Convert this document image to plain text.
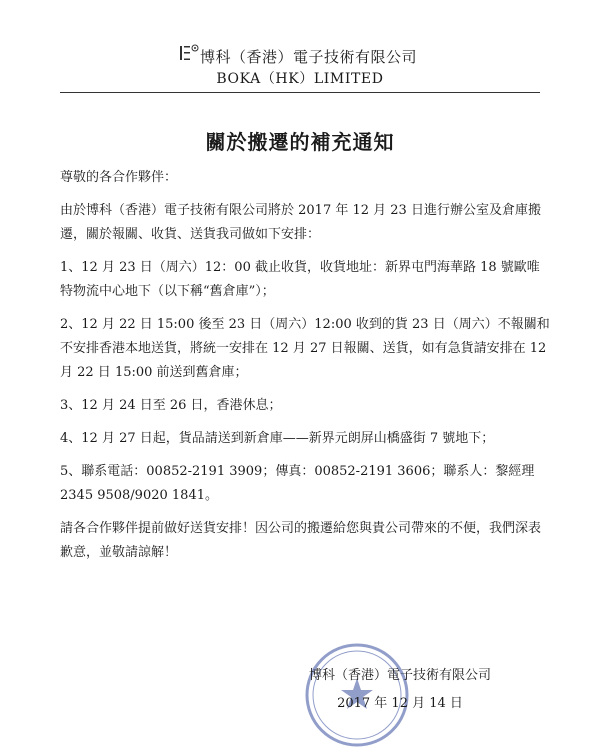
博科（香港）電子技術有限公司
BOKA（HK）LIMITED
關於搬遷的補充通知

尊敬的各合作夥伴：

由於博科（香港）電子技術有限公司將於 2017 年 12 月 23 日進行辦公室及倉庫搬遷，關於報關、收貨、送貨我司做如下安排：

1、12 月 23 日（周六）12：00 截止收貨，收貨地址：新界屯門海華路 18 號歐唯特物流中心地下（以下稱“舊倉庫”）；

2、12 月 22 日 15:00 後至 23 日（周六）12:00 收到的貨 23 日（周六）不報關和不安排香港本地送貨，將統一安排在 12 月 27 日報關、送貨，如有急貨請安排在 12 月 22 日 15:00 前送到舊倉庫；

3、12 月 24 日至 26 日，香港休息；

4、12 月 27 日起，貨品請送到新倉庫——新界元朗屏山橋盛街 7 號地下；

5、聯系電話：00852-2191 3909；傳真：00852-2191 3606；聯系人：黎經理 2345 9508/9020 1841。

請各合作夥伴提前做好送貨安排！因公司的搬遷給您與貴公司帶來的不便，我們深表歉意，並敬請諒解！

博科（香港）電子技術有限公司
2017 年 12 月 14 日
